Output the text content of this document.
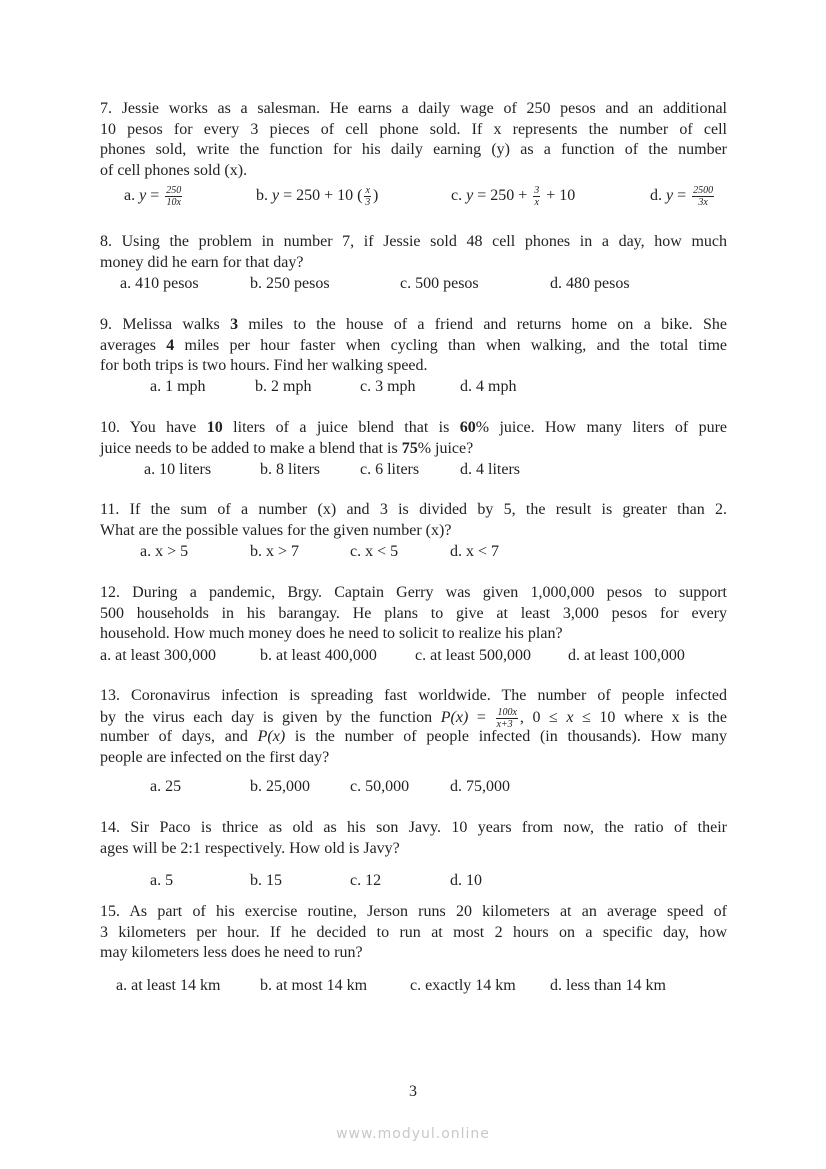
7. Jessie works as a salesman. He earns a daily wage of 250 pesos and an additional
10 pesos for every 3 pieces of cell phone sold. If x represents the number of cell
phones sold, write the function for his daily earning (y) as a function of the number
of cell phones sold (x).
a. $y = \frac{250}{10x}$	b. y = 250 + 10 ( $\frac{x}{3}$ )	c. $y = 250 + \frac{3}{x} + 10$	d. $y = \frac{2500}{3x}$
8. Using the problem in number 7, if Jessie sold 48 cell phones in a day, how much
money did he earn for that day?
a. 410 pesos	b. 250 pesos	c. 500 pesos	d. 480 pesos
9. Melissa walks 3 miles to the house of a friend and returns home on a bike. She
averages 4 miles per hour faster when cycling than when walking, and the total time
for both trips is two hours. Find her walking speed.
a. 1 mph	b. 2 mph	c. 3 mph	d. 4 mph
10. You have 10 liters of a juice blend that is 60% juice. How many liters of pure
juice needs to be added to make a blend that is 75% juice?
a. 10 liters	b. 8 liters	c. 6 liters	d. 4 liters
11. If the sum of a number (x) and 3 is divided by 5, the result is greater than 2.
What are the possible values for the given number (x)?
a. x > 5	b. x > 7	c. x < 5	d. x < 7
12. During a pandemic, Brgy. Captain Gerry was given 1,000,000 pesos to support
500 households in his barangay. He plans to give at least 3,000 pesos for every
household. How much money does he need to solicit to realize his plan?
a. at least 300,000	b. at least 400,000 c. at least 500,000 d. at least 100,000
13. Coronavirus infection is spreading fast worldwide. The number of people infected
by the virus each day is given by the function $P(x) = \frac{100x}{x+3}$ , 0 ≤ x ≤ 10 where x is the
number of days, and P(x) is the number of people infected (in thousands). How many
people are infected on the first day?
a. 25	b. 25,000	c. 50,000	d. 75,000
14. Sir Paco is thrice as old as his son Javy. 10 years from now, the ratio of their
ages will be 2:1 respectively. How old is Javy?
a. 5	b. 15	c. 12	d. 10
15. As part of his exercise routine, Jerson runs 20 kilometers at an average speed of
3 kilometers per hour. If he decided to run at most 2 hours on a specific day, how
may kilometers less does he need to run?
a. at least 14 km b. at most 14 km	c. exactly 14 km d. less than 14 km
3
www.modyul.online
